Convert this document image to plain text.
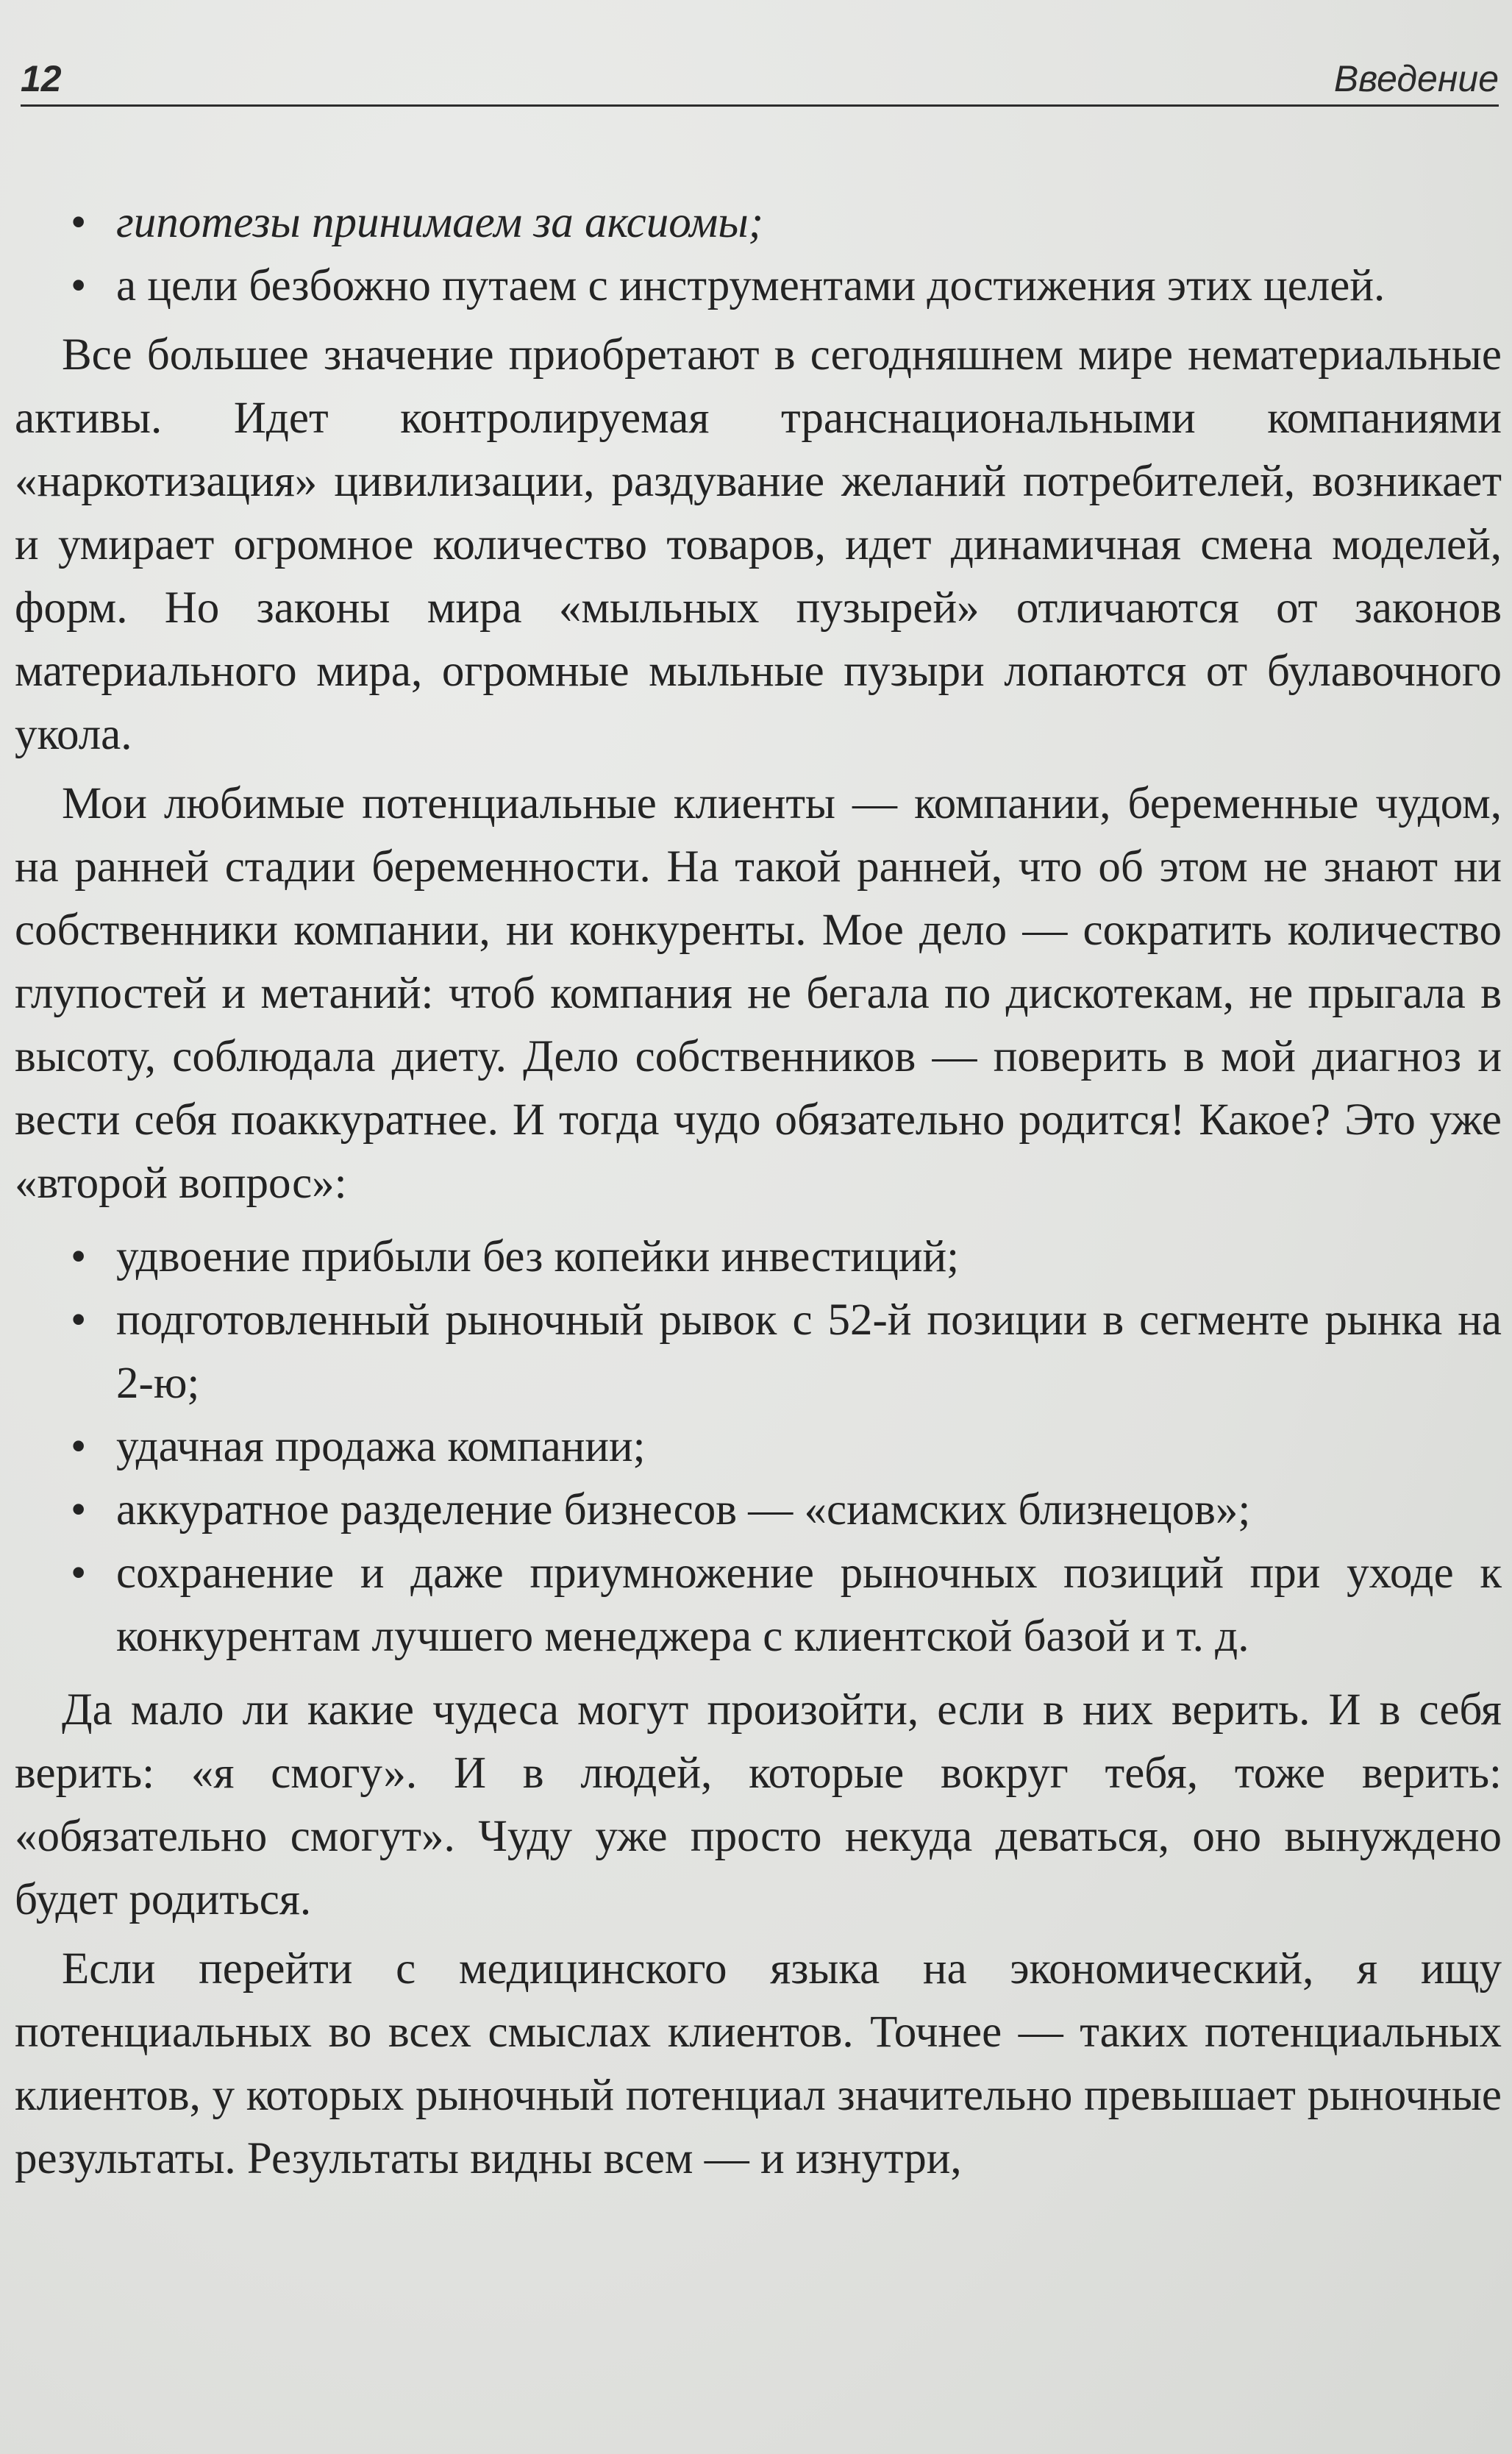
12	Введение
• гипотезы принимаем за аксиомы;
• а цели безбожно путаем с инструментами достижения этих целей.

Все большее значение приобретают в сегодняшнем мире нематериальные активы. Идет контролируемая транснациональными компаниями «наркотизация» цивилизации, раздувание желаний потребителей, возникает и умирает огромное количество товаров, идет динамичная смена моделей, форм. Но законы мира «мыльных пузырей» отличаются от законов материального мира, огромные мыльные пузыри лопаются от булавочного укола.

Мои любимые потенциальные клиенты — компании, беременные чудом, на ранней стадии беременности. На такой ранней, что об этом не знают ни собственники компании, ни конкуренты. Мое дело — сократить количество глупостей и метаний: чтоб компания не бегала по дискотекам, не прыгала в высоту, соблюдала диету. Дело собственников — поверить в мой диагноз и вести себя поаккуратнее. И тогда чудо обязательно родится! Какое? Это уже «второй вопрос»:

• удвоение прибыли без копейки инвестиций;
• подготовленный рыночный рывок с 52-й позиции в сегменте рынка на 2-ю;
• удачная продажа компании;
• аккуратное разделение бизнесов — «сиамских близнецов»;
• сохранение и даже приумножение рыночных позиций при уходе к конкурентам лучшего менеджера с клиентской базой и т. д.

Да мало ли какие чудеса могут произойти, если в них верить. И в себя верить: «я смогу». И в людей, которые вокруг тебя, тоже верить: «обязательно смогут». Чуду уже просто некуда деваться, оно вынуждено будет родиться.

Если перейти с медицинского языка на экономический, я ищу потенциальных во всех смыслах клиентов. Точнее — таких потенциальных клиентов, у которых рыночный потенциал значительно превышает рыночные результаты. Результаты видны всем — и изнутри,
